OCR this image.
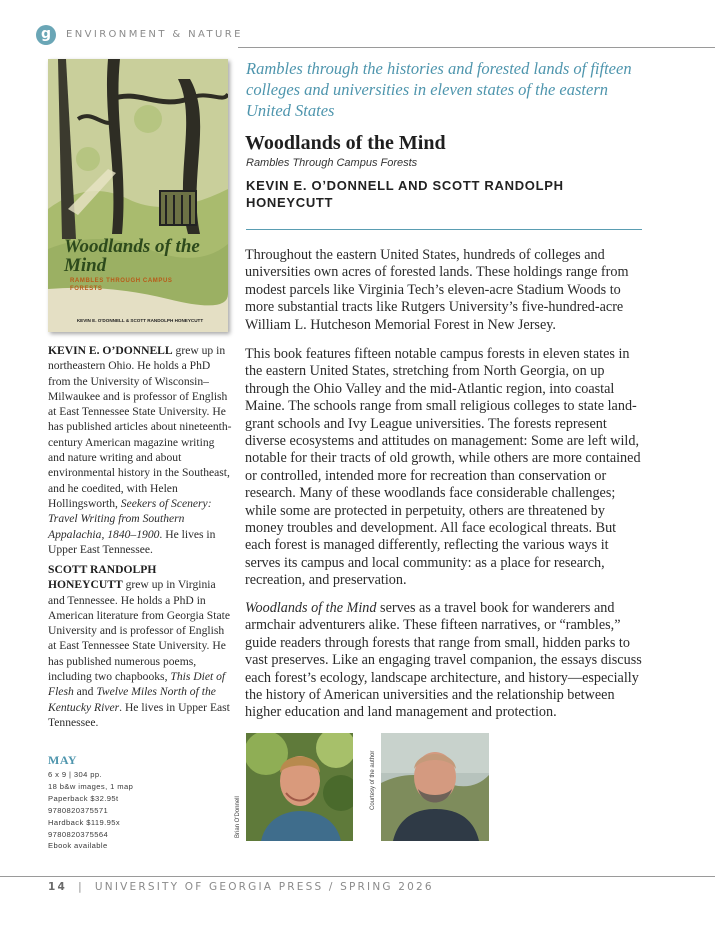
g	ENVIRONMENT & NATURE
Woodlands of the Mind
RAMBLES THROUGH CAMPUS FORESTS
KEVIN E. O'DONNELL & SCOTT RANDOLPH HONEYCUTT
Rambles through the histories and forested lands of fifteen colleges and universities in eleven states of the eastern United States
Woodlands of the Mind
Rambles Through Campus Forests
KEVIN E. OʼDONNELL AND SCOTT RANDOLPH HONEYCUTT

Throughout the eastern United States, hundreds of colleges and universities own acres of forested lands. These holdings range from modest parcels like Virginia Tech’s eleven-acre Stadium Woods to more substantial tracts like Rutgers University’s five-hundred-acre William L. Hutcheson Memorial Forest in New Jersey.

This book features fifteen notable campus forests in eleven states in the eastern United States, stretching from North Georgia, on up through the Ohio Valley and the mid-Atlantic region, into coastal Maine. The schools range from small religious colleges to state land-grant schools and Ivy League universities. The forests represent diverse ecosystems and attitudes on management: Some are left wild, notable for their tracts of old growth, while others are more contained or controlled, intended more for recreation than conservation or research. Many of these woodlands face considerable challenges; while some are protected in perpetuity, others are threatened by money troubles and development. All face ecological threats. But each forest is managed differently, reflecting the various ways it serves its campus and local community: as a place for research, recreation, and preservation.

Woodlands of the Mind serves as a travel book for wanderers and armchair adventurers alike. These fifteen narratives, or “rambles,” guide readers through forests that range from small, hidden parks to vast preserves. Like an engaging travel companion, the essays discuss each forest’s ecology, landscape architecture, and history—especially the history of American universities and the relationship between higher education and land management and protection.

Brian O'Donnell
Courtesy of the author

KEVIN E. O’DONNELL grew up in northeastern Ohio. He holds a PhD from the University of Wisconsin–Milwaukee and is professor of English at East Tennessee State University. He has published articles about nineteenth-century American magazine writing and nature writing and about environmental history in the Southeast, and he coedited, with Helen Hollingsworth, Seekers of Scenery: Travel Writing from Southern Appalachia, 1840–1900. He lives in Upper East Tennessee.

SCOTT RANDOLPH HONEYCUTT grew up in Virginia and Tennessee. He holds a PhD in American literature from Georgia State University and is professor of English at East Tennessee State University. He has published numerous poems, including two chapbooks, This Diet of Flesh and Twelve Miles North of the Kentucky River. He lives in Upper East Tennessee.

MAY
6 x 9 | 304 pp.
18 b&w images, 1 map
Paperback $32.95t
9780820375571
Hardback $119.95x
9780820375564
Ebook available
14 | UNIVERSITY OF GEORGIA PRESS / SPRING 2026
